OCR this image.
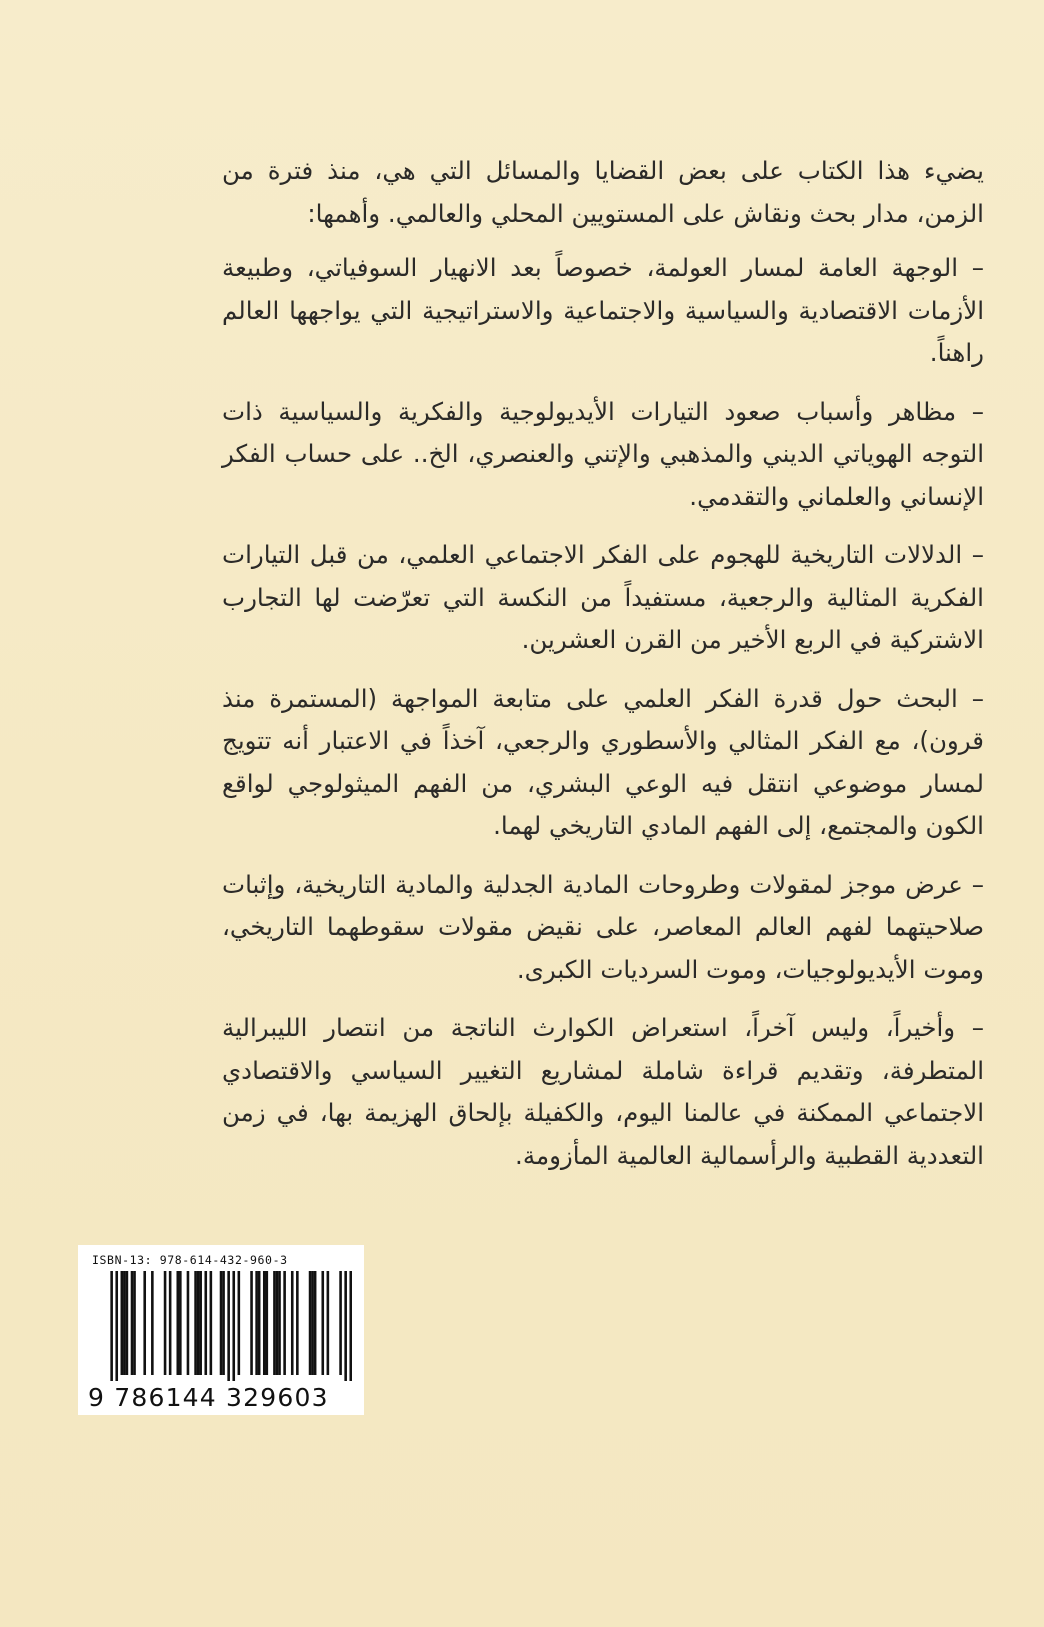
يضيء هذا الكتاب على بعض القضايا والمسائل التي هي، منذ فترة من الزمن، مدار بحث ونقاش على المستويين المحلي والعالمي. وأهمها:

– الوجهة العامة لمسار العولمة، خصوصاً بعد الانهيار السوفياتي، وطبيعة الأزمات الاقتصادية والسياسية والاجتماعية والاستراتيجية التي يواجهها العالم راهناً.

– مظاهر وأسباب صعود التيارات الأيديولوجية والفكرية والسياسية ذات التوجه الهوياتي الديني والمذهبي والإتني والعنصري، الخ.. على حساب الفكر الإنساني والعلماني والتقدمي.

– الدلالات التاريخية للهجوم على الفكر الاجتماعي العلمي، من قبل التيارات الفكرية المثالية والرجعية، مستفيداً من النكسة التي تعرّضت لها التجارب الاشتركية في الربع الأخير من القرن العشرين.

– البحث حول قدرة الفكر العلمي على متابعة المواجهة (المستمرة منذ قرون)، مع الفكر المثالي والأسطوري والرجعي، آخذاً في الاعتبار أنه تتويج لمسار موضوعي انتقل فيه الوعي البشري، من الفهم الميثولوجي لواقع الكون والمجتمع، إلى الفهم المادي التاريخي لهما.

– عرض موجز لمقولات وطروحات المادية الجدلية والمادية التاريخية، وإثبات صلاحيتهما لفهم العالم المعاصر، على نقيض مقولات سقوطهما التاريخي، وموت الأيديولوجيات، وموت السرديات الكبرى.

– وأخيراً، وليس آخراً، استعراض الكوارث الناتجة من انتصار الليبرالية المتطرفة، وتقديم قراءة شاملة لمشاريع التغيير السياسي والاقتصادي الاجتماعي الممكنة في عالمنا اليوم، والكفيلة بإلحاق الهزيمة بها، في زمن التعددية القطبية والرأسمالية العالمية المأزومة.

ISBN-13: 978-614-432-960-3
9 786144 329603
